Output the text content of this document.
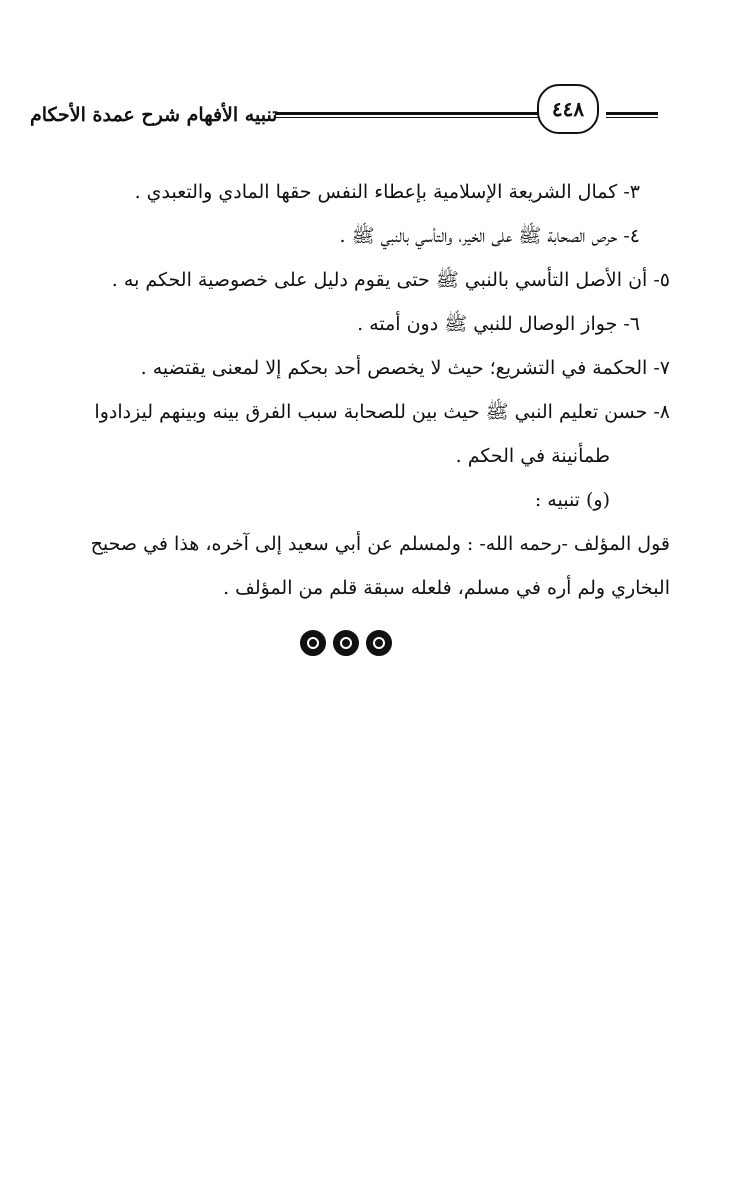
تنبيه الأفهام شرح عمدة الأحكام	٤٤٨
٣- كمال الشريعة الإسلامية بإعطاء النفس حقها المادي والتعبدي .
٤- حرص الصحابة ﷺ على الخير، والتأسي بالنبي ﷺ .
٥- أن الأصل التأسي بالنبي ﷺ حتى يقوم دليل على خصوصية الحكم به .
٦- جواز الوصال للنبي ﷺ دون أمته .
٧- الحكمة في التشريع؛ حيث لا يخصص أحد بحكم إلا لمعنى يقتضيه .
٨- حسن تعليم النبي ﷺ حيث بين للصحابة سبب الفرق بينه وبينهم ليزدادوا
طمأنينة في الحكم .
(و) تنبيه :
قول المؤلف -رحمه الله- : ولمسلم عن أبي سعيد إلى آخره، هذا في صحيح
البخاري ولم أره في مسلم، فلعله سبقة قلم من المؤلف .
